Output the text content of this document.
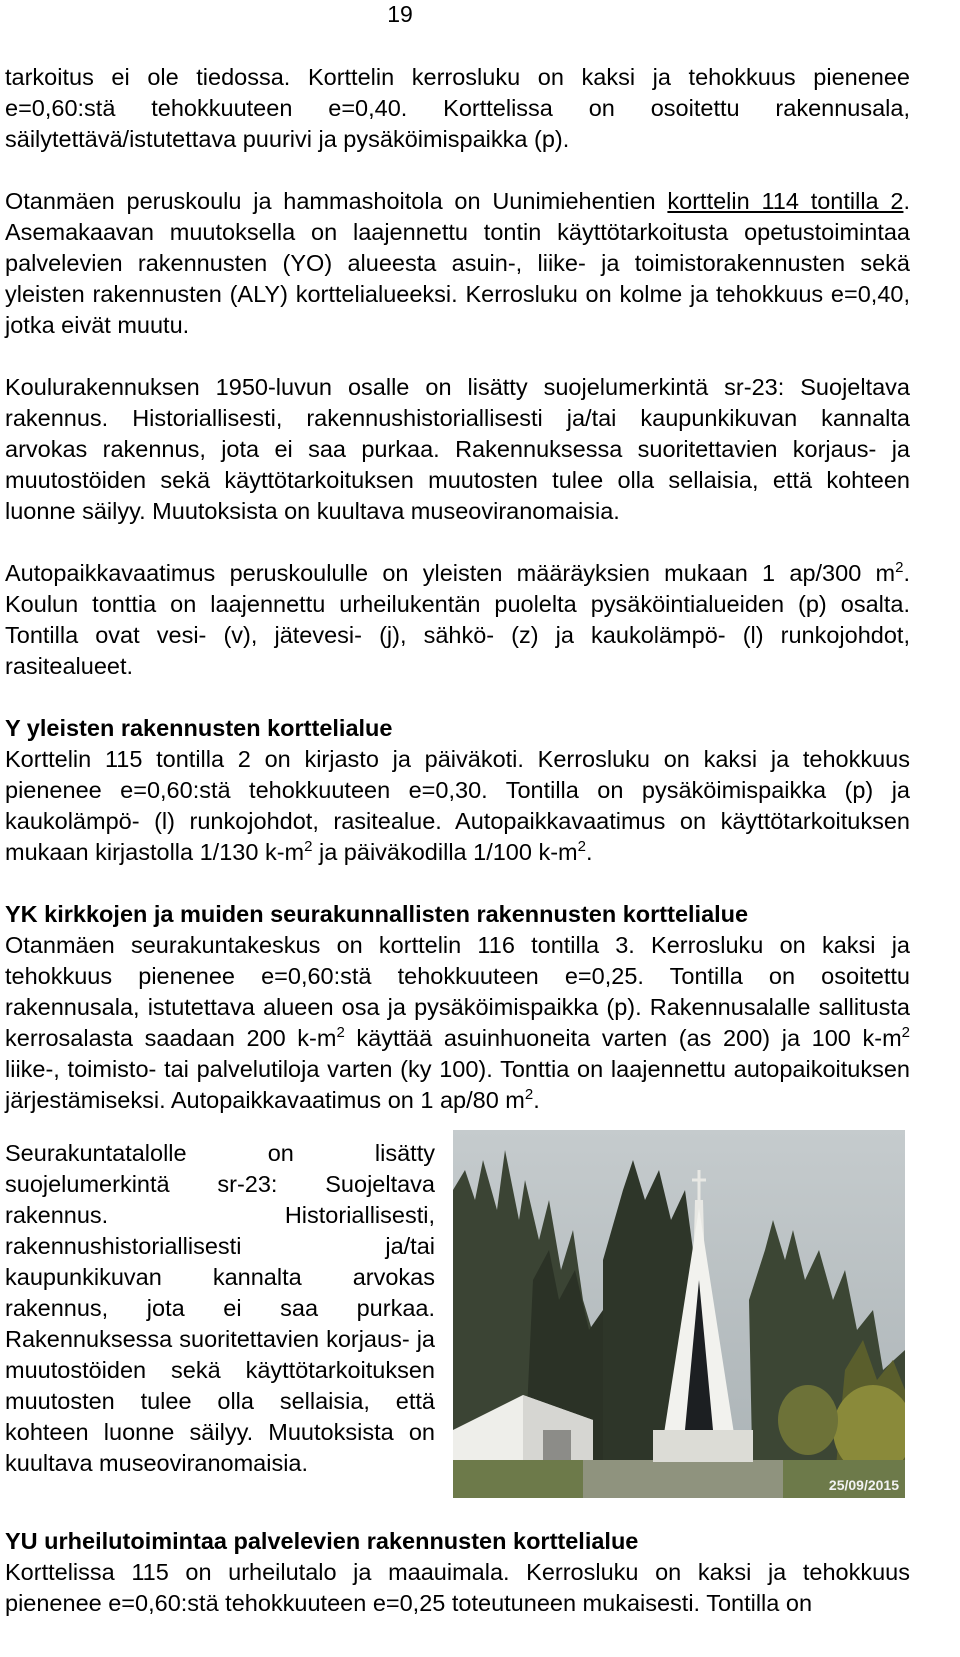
19

tarkoitus ei ole tiedossa. Korttelin kerrosluku on kaksi ja tehokkuus pienenee e=0,60:stä tehokkuuteen e=0,40. Korttelissa on osoitettu rakennusala, säilytettävä/istutettava puurivi ja pysäköimispaikka (p).

Otanmäen peruskoulu ja hammashoitola on Uunimiehentien korttelin 114 tontilla 2. Asemakaavan muutoksella on laajennettu tontin käyttötarkoitusta opetustoimintaa palvelevien rakennusten (YO) alueesta asuin-, liike- ja toimistorakennusten sekä yleisten rakennusten (ALY) korttelialueeksi. Kerrosluku on kolme ja tehokkuus e=0,40, jotka eivät muutu.

Koulurakennuksen 1950-luvun osalle on lisätty suojelumerkintä sr-23: Suojeltava rakennus. Historiallisesti, rakennushistoriallisesti ja/tai kaupunkikuvan kannalta arvokas rakennus, jota ei saa purkaa. Rakennuksessa suoritettavien korjaus- ja muutostöiden sekä käyttötarkoituksen muutosten tulee olla sellaisia, että kohteen luonne säilyy. Muutoksista on kuultava museoviranomaisia.

Autopaikkavaatimus peruskoululle on yleisten määräyksien mukaan 1 ap/300 $m^2$. Koulun tonttia on laajennettu urheilukentän puolelta pysäköintialueiden (p) osalta. Tontilla ovat vesi- (v), jätevesi- (j), sähkö- (z) ja kaukolämpö- (l) runkojohdot, rasitealueet.

Y yleisten rakennusten korttelialue

Korttelin 115 tontilla 2 on kirjasto ja päiväkoti. Kerrosluku on kaksi ja tehokkuus pienenee e=0,60:stä tehokkuuteen e=0,30. Tontilla on pysäköimispaikka (p) ja kaukolämpö- (l) runkojohdot, rasitealue. Autopaikkavaatimus on käyttötarkoituksen mukaan kirjastolla 1/130 $k-m^2$ ja päiväkodilla 1/100 $k-m^2$.

YK kirkkojen ja muiden seurakunnallisten rakennusten korttelialue

Otanmäen seurakuntakeskus on korttelin 116 tontilla 3. Kerrosluku on kaksi ja tehokkuus pienenee e=0,60:stä tehokkuuteen e=0,25. Tontilla on osoitettu rakennusala, istutettava alueen osa ja pysäköimispaikka (p). Rakennusalalle sallitusta kerrosalasta saadaan 200 $k-m^2$ käyttää asuinhuoneita varten (as 200) ja 100 $k-m^2$ liike-, toimisto- tai palvelutiloja varten (ky 100). Tonttia on laajennettu autopaikoituksen järjestämiseksi. Autopaikkavaatimus on 1 ap/80 $m^2$.

Seurakuntatalolle on lisätty suojelumerkintä sr-23: Suojeltava rakennus. Historiallisesti, rakennushistoriallisesti ja/tai kaupunkikuvan kannalta arvokas rakennus, jota ei saa purkaa. Rakennuksessa suoritettavien korjaus- ja muutostöiden sekä käyttötarkoituksen muutosten tulee olla sellaisia, että kohteen luonne säilyy. Muutoksista on kuultava museoviranomaisia.
25/09/2015
YU urheilutoimintaa palvelevien rakennusten korttelialue

Korttelissa 115 on urheilutalo ja maauimala. Kerrosluku on kaksi ja tehokkuus pienenee e=0,60:stä tehokkuuteen e=0,25 toteutuneen mukaisesti. Tontilla on
